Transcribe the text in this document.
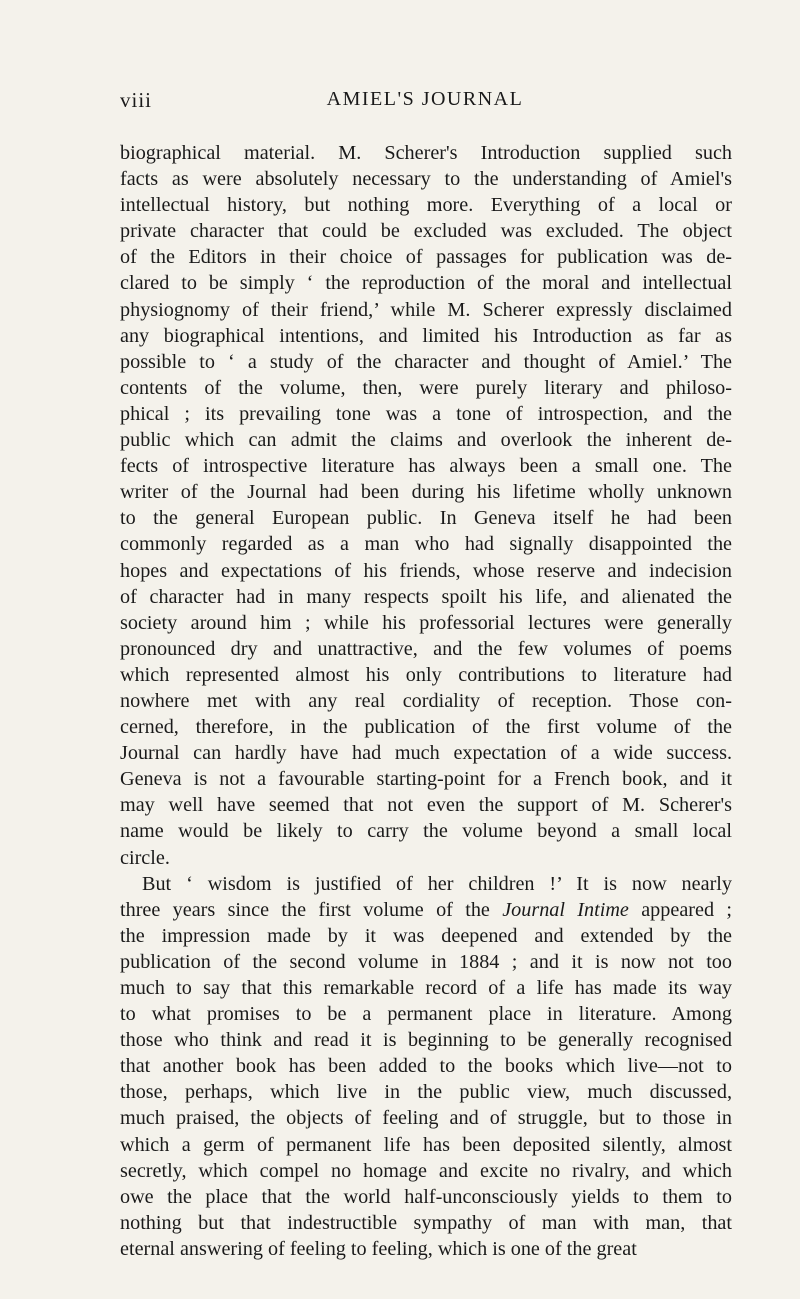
viii	AMIEL'S JOURNAL
biographical material. M. Scherer's Introduction supplied such
facts as were absolutely necessary to the understanding of Amiel's
intellectual history, but nothing more. Everything of a local or
private character that could be excluded was excluded. The object
of the Editors in their choice of passages for publication was de-
clared to be simply ‘ the reproduction of the moral and intellectual
physiognomy of their friend,’ while M. Scherer expressly disclaimed
any biographical intentions, and limited his Introduction as far as
possible to ‘ a study of the character and thought of Amiel.’ The
contents of the volume, then, were purely literary and philoso-
phical ; its prevailing tone was a tone of introspection, and the
public which can admit the claims and overlook the inherent de-
fects of introspective literature has always been a small one. The
writer of the Journal had been during his lifetime wholly unknown
to the general European public. In Geneva itself he had been
commonly regarded as a man who had signally disappointed the
hopes and expectations of his friends, whose reserve and indecision
of character had in many respects spoilt his life, and alienated the
society around him ; while his professorial lectures were generally
pronounced dry and unattractive, and the few volumes of poems
which represented almost his only contributions to literature had
nowhere met with any real cordiality of reception. Those con-
cerned, therefore, in the publication of the first volume of the
Journal can hardly have had much expectation of a wide success.
Geneva is not a favourable starting-point for a French book, and it
may well have seemed that not even the support of M. Scherer's
name would be likely to carry the volume beyond a small local
circle.
But ‘ wisdom is justified of her children !’ It is now nearly
three years since the first volume of the Journal Intime appeared ;
the impression made by it was deepened and extended by the
publication of the second volume in 1884 ; and it is now not too
much to say that this remarkable record of a life has made its way
to what promises to be a permanent place in literature. Among
those who think and read it is beginning to be generally recognised
that another book has been added to the books which live—not to
those, perhaps, which live in the public view, much discussed,
much praised, the objects of feeling and of struggle, but to those in
which a germ of permanent life has been deposited silently, almost
secretly, which compel no homage and excite no rivalry, and which
owe the place that the world half-unconsciously yields to them to
nothing but that indestructible sympathy of man with man, that
eternal answering of feeling to feeling, which is one of the great
